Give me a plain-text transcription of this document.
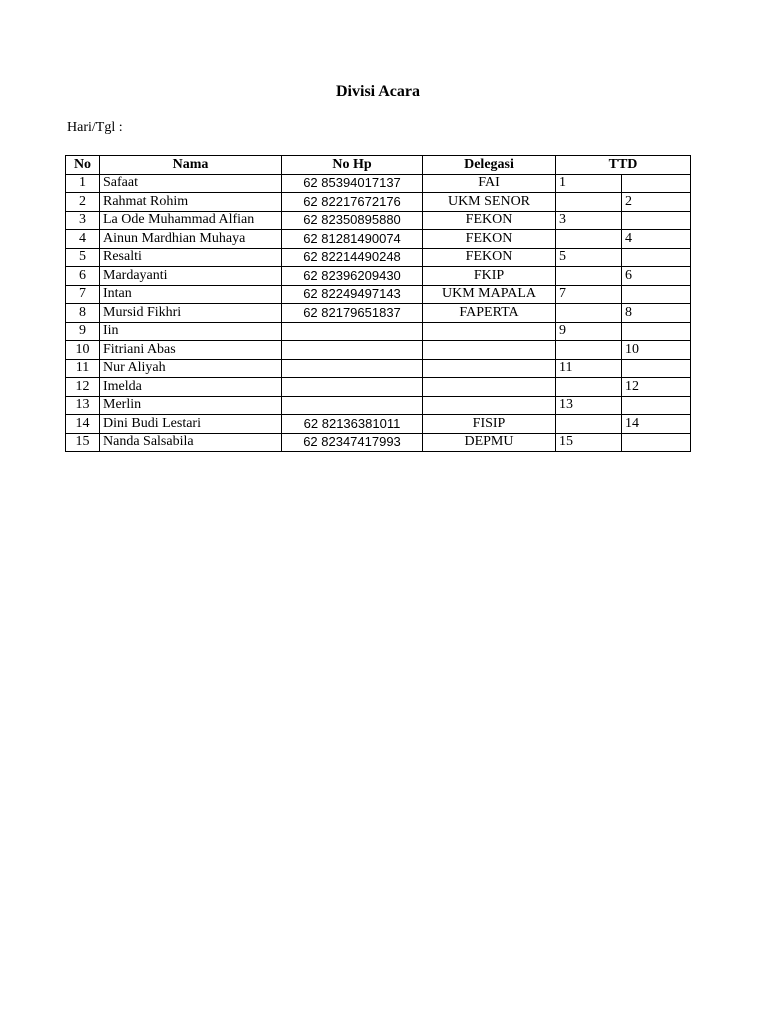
Divisi Acara
Hari/Tgl :
No	Nama	No Hp	Delegasi	TTD	
1	Safaat	62 85394017137	FAI	1	
2	Rahmat Rohim	62 82217672176	UKM SENOR		2
3	La Ode Muhammad Alfian	62 82350895880	FEKON	3	
4	Ainun Mardhian Muhaya	62 81281490074	FEKON		4
5	Resalti	62 82214490248	FEKON	5	
6	Mardayanti	62 82396209430	FKIP		6
7	Intan	62 82249497143	UKM MAPALA	7	
8	Mursid Fikhri	62 82179651837	FAPERTA		8
9	Iin			9	
10	Fitriani Abas				10
11	Nur Aliyah			11	
12	Imelda				12
13	Merlin			13	
14	Dini Budi Lestari	62 82136381011	FISIP		14
15	Nanda Salsabila	62 82347417993	DEPMU	15	
